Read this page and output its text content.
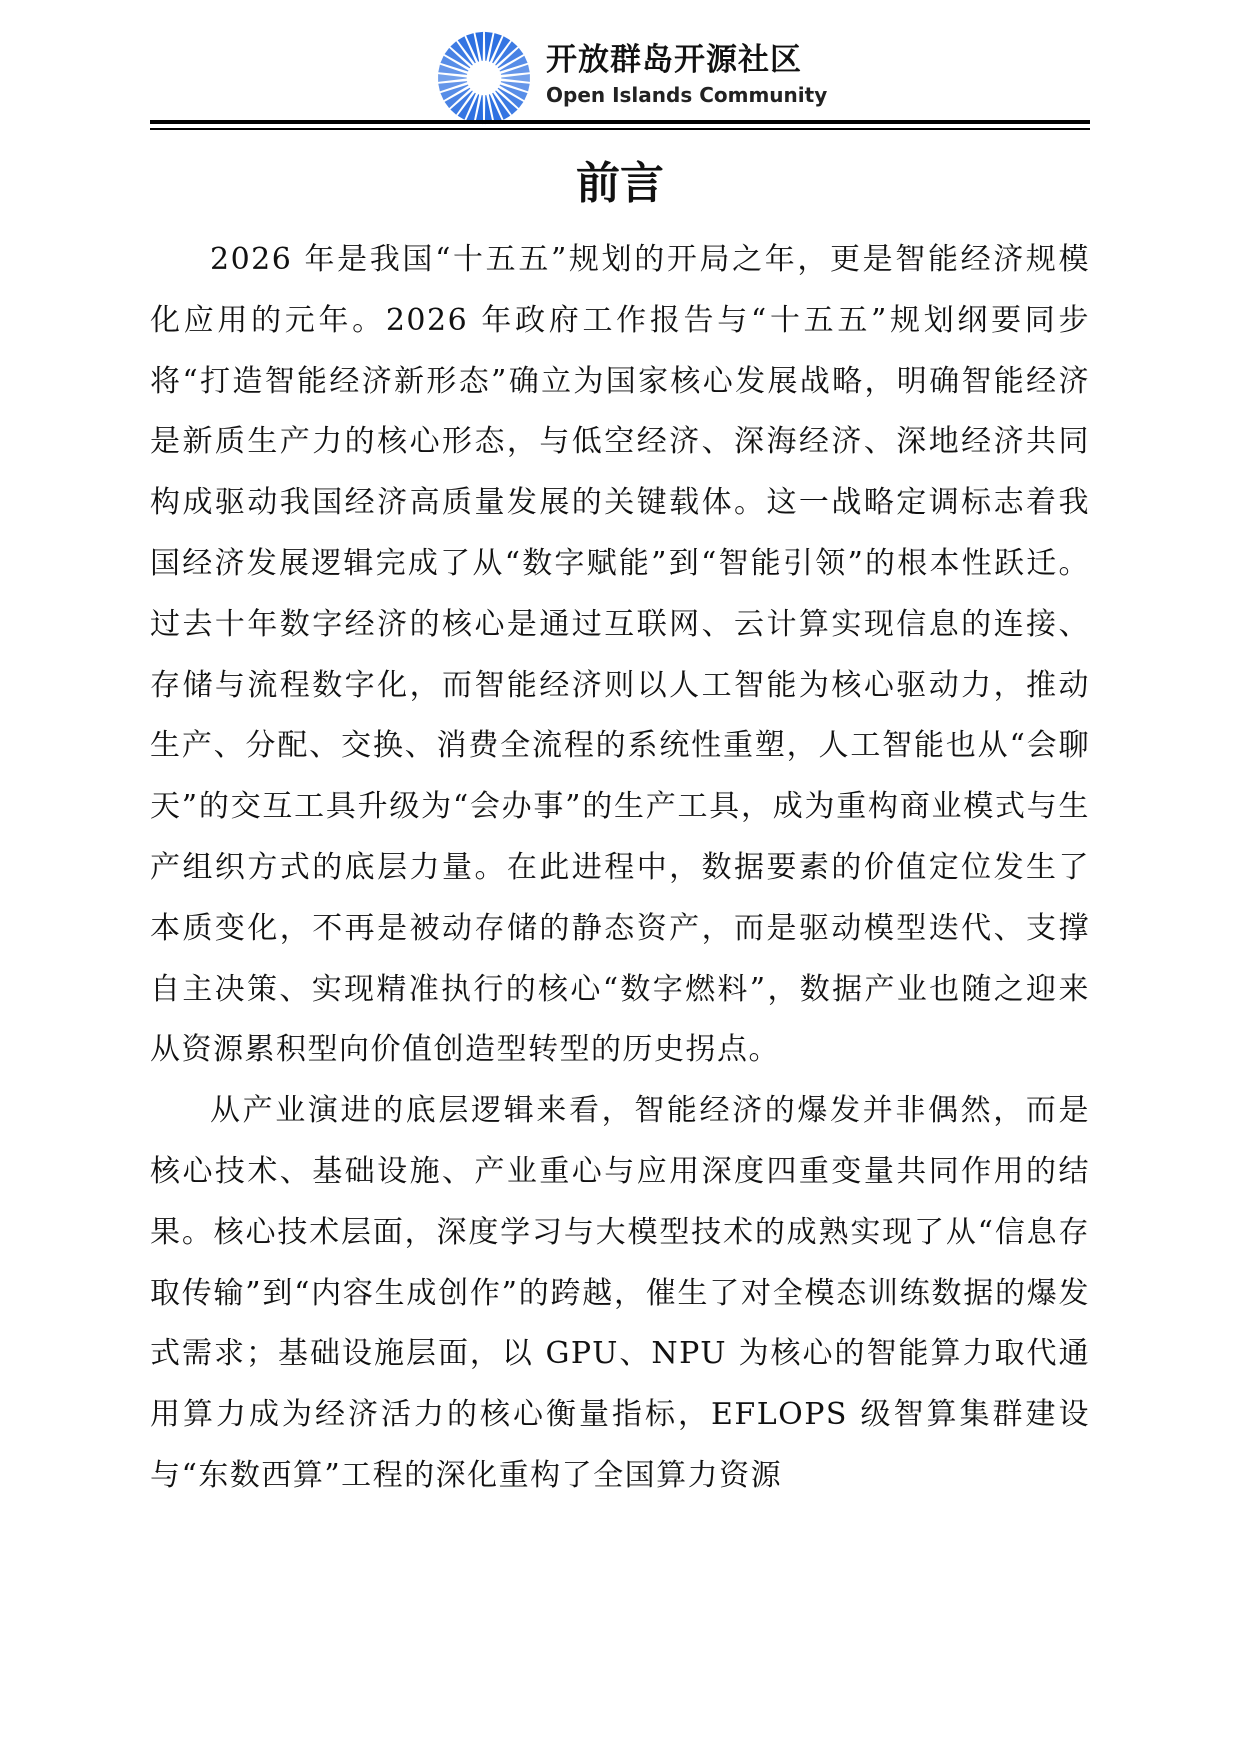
开放群岛开源社区
Open Islands Community
前言

2026 年是我国“十五五”规划的开局之年，更是智能经济规模化应用的元年。2026 年政府工作报告与“十五五”规划纲要同步将“打造智能经济新形态”确立为国家核心发展战略，明确智能经济是新质生产力的核心形态，与低空经济、深海经济、深地经济共同构成驱动我国经济高质量发展的关键载体。这一战略定调标志着我国经济发展逻辑完成了从“数字赋能”到“智能引领”的根本性跃迁。过去十年数字经济的核心是通过互联网、云计算实现信息的连接、存储与流程数字化，而智能经济则以人工智能为核心驱动力，推动生产、分配、交换、消费全流程的系统性重塑，人工智能也从“会聊天”的交互工具升级为“会办事”的生产工具，成为重构商业模式与生产组织方式的底层力量。在此进程中，数据要素的价值定位发生了本质变化，不再是被动存储的静态资产，而是驱动模型迭代、支撑自主决策、实现精准执行的核心“数字燃料”，数据产业也随之迎来从资源累积型向价值创造型转型的历史拐点。

从产业演进的底层逻辑来看，智能经济的爆发并非偶然，而是核心技术、基础设施、产业重心与应用深度四重变量共同作用的结果。核心技术层面，深度学习与大模型技术的成熟实现了从“信息存取传输”到“内容生成创作”的跨越，催生了对全模态训练数据的爆发式需求；基础设施层面，以 GPU、NPU 为核心的智能算力取代通用算力成为经济活力的核心衡量指标，EFLOPS 级智算集群建设与“东数西算”工程的深化重构了全国算力资源
